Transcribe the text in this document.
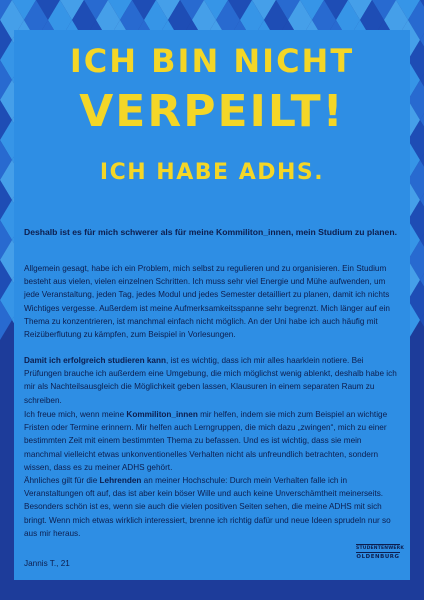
ICH BIN NICHT
VERPEILT!
ICH HABE ADHS.

Deshalb ist es für mich schwerer als für meine Kommiliton_innen, mein Studium zu planen.

Allgemein gesagt, habe ich ein Problem, mich selbst zu regulieren und zu organisieren. Ein Studium besteht aus vielen, vielen einzelnen Schritten. Ich muss sehr viel Energie und Mühe aufwenden, um jede Veranstaltung, jeden Tag, jedes Modul und jedes Semester detailliert zu planen, damit ich nichts Wichtiges vergesse. Außerdem ist meine Aufmerksamkeitsspanne sehr begrenzt. Mich länger auf ein Thema zu konzentrieren, ist manchmal einfach nicht möglich. An der Uni habe ich auch häufig mit Reizüberflutung zu kämpfen, zum Beispiel in Vorlesungen.

Damit ich erfolgreich studieren kann, ist es wichtig, dass ich mir alles haarklein notiere. Bei Prüfungen brauche ich außerdem eine Umgebung, die mich möglichst wenig ablenkt, deshalb habe ich mir als Nachteilsausgleich die Möglichkeit geben lassen, Klausuren in einem separaten Raum zu schreiben.

Ich freue mich, wenn meine Kommiliton_innen mir helfen, indem sie mich zum Beispiel an wichtige Fristen oder Termine erinnern. Mir helfen auch Lerngruppen, die mich dazu „zwingen“, mich zu einer bestimmten Zeit mit einem bestimmten Thema zu befassen. Und es ist wichtig, dass sie mein manchmal vielleicht etwas unkonventionelles Verhalten nicht als unfreundlich betrachten, sondern wissen, dass es zu meiner ADHS gehört.

Ähnliches gilt für die Lehrenden an meiner Hochschule: Durch mein Verhalten falle ich in Veranstaltungen oft auf, das ist aber kein böser Wille und auch keine Unverschämtheit meinerseits. Besonders schön ist es, wenn sie auch die vielen positiven Seiten sehen, die meine ADHS mit sich bringt. Wenn mich etwas wirklich interessiert, brenne ich richtig dafür und neue Ideen sprudeln nur so aus mir heraus.

Jannis T., 21

STUDENTENWERK
OLDENBURG
